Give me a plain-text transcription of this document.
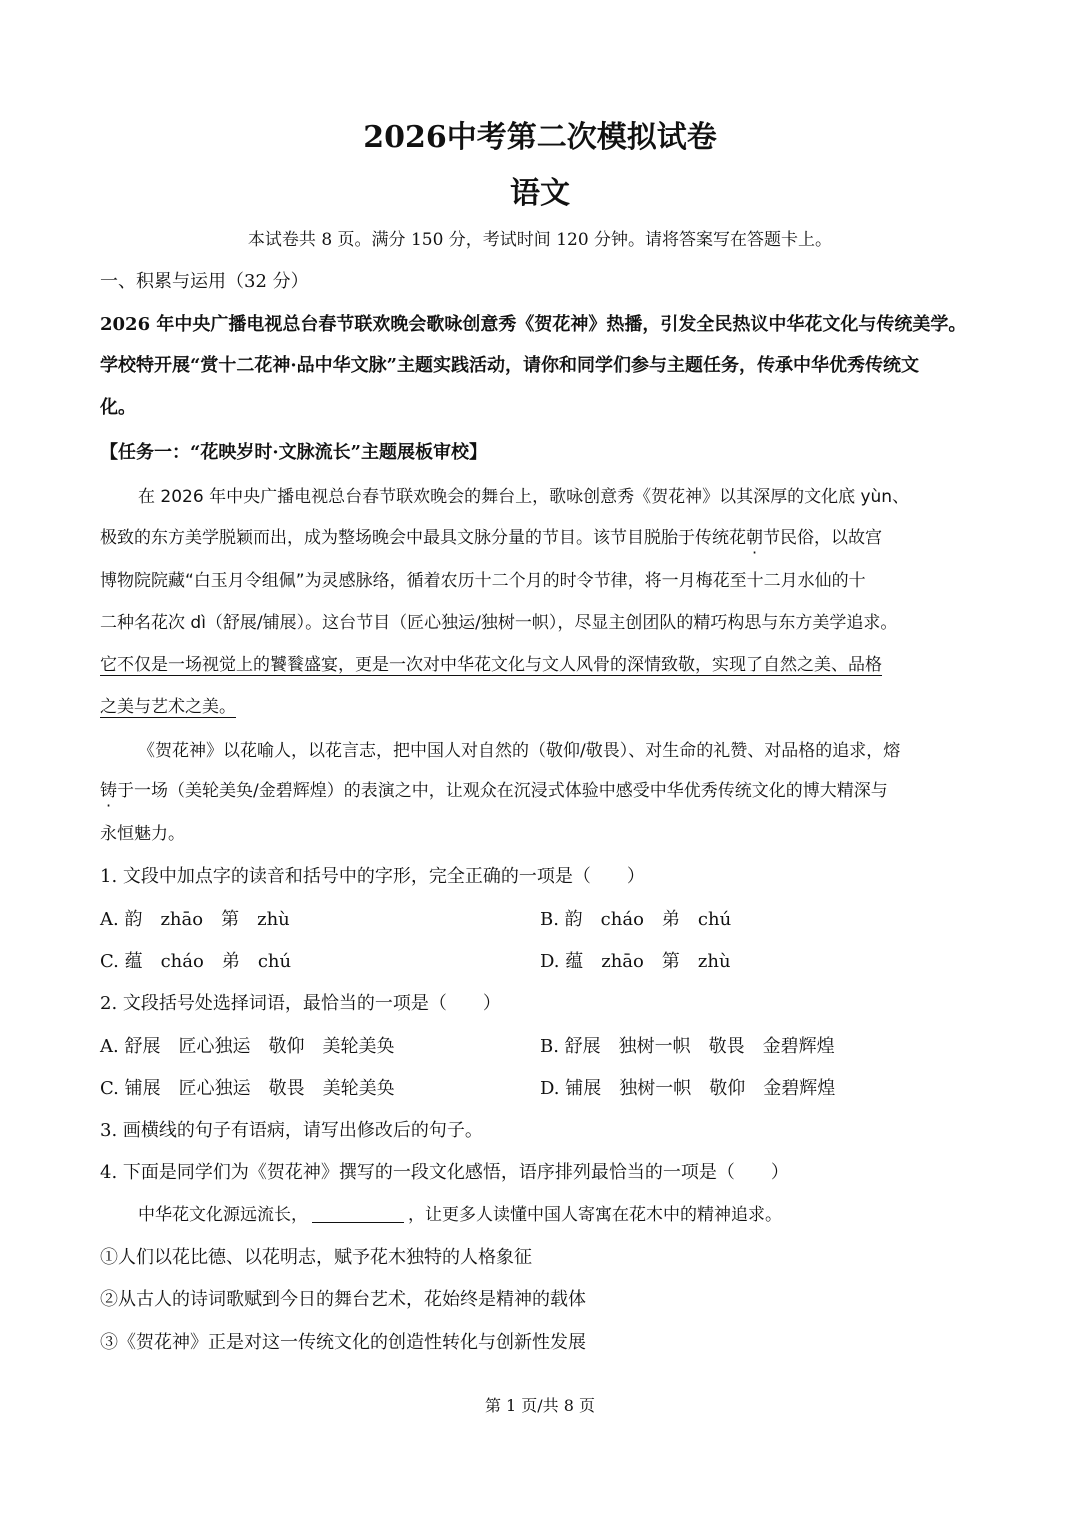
2026中考第二次模拟试卷
语文
本试卷共 8 页。满分 150 分，考试时间 120 分钟。请将答案写在答题卡上。
一、积累与运用（32 分）
2026 年中央广播电视总台春节联欢晚会歌咏创意秀《贺花神》热播，引发全民热议中华花文化与传统美学。
学校特开展“赏十二花神·品中华文脉”主题实践活动，请你和同学们参与主题任务，传承中华优秀传统文
化。
【任务一：“花映岁时·文脉流长”主题展板审校】
在 2026 年中央广播电视总台春节联欢晚会的舞台上，歌咏创意秀《贺花神》以其深厚的文化底 yùn、
极致的东方美学脱颖而出，成为整场晚会中最具文脉分量的节目。该节目脱胎于传统花朝节民俗，以故宫
博物院院藏“白玉月令组佩”为灵感脉络，循着农历十二个月的时令节律，将一月梅花至十二月水仙的十
二种名花次 dì（舒展/铺展）。这台节目（匠心独运/独树一帜），尽显主创团队的精巧构思与东方美学追求。
它不仅是一场视觉上的饕餮盛宴，更是一次对中华花文化与文人风骨的深情致敬，实现了自然之美、品格
之美与艺术之美。
《贺花神》以花喻人，以花言志，把中国人对自然的（敬仰/敬畏）、对生命的礼赞、对品格的追求，熔
铸于一场（美轮美奂/金碧辉煌）的表演之中，让观众在沉浸式体验中感受中华优秀传统文化的博大精深与
永恒魅力。
1. 文段中加点字的读音和括号中的字形，完全正确的一项是（　　）
A. 韵　zhāo　第　zhù	B. 韵　cháo　弟　chú
C. 蕴　cháo　弟　chú	D. 蕴　zhāo　第　zhù
2. 文段括号处选择词语，最恰当的一项是（　　）
A. 舒展　匠心独运　敬仰　美轮美奂	B. 舒展　独树一帜　敬畏　金碧辉煌
C. 铺展　匠心独运　敬畏　美轮美奂	D. 铺展　独树一帜　敬仰　金碧辉煌
3. 画横线的句子有语病，请写出修改后的句子。
4. 下面是同学们为《贺花神》撰写的一段文化感悟，语序排列最恰当的一项是（　　）
中华花文化源远流长，	，让更多人读懂中国人寄寓在花木中的精神追求。
①人们以花比德、以花明志，赋予花木独特的人格象征
②从古人的诗词歌赋到今日的舞台艺术，花始终是精神的载体
③《贺花神》正是对这一传统文化的创造性转化与创新性发展
第 1 页/共 8 页
